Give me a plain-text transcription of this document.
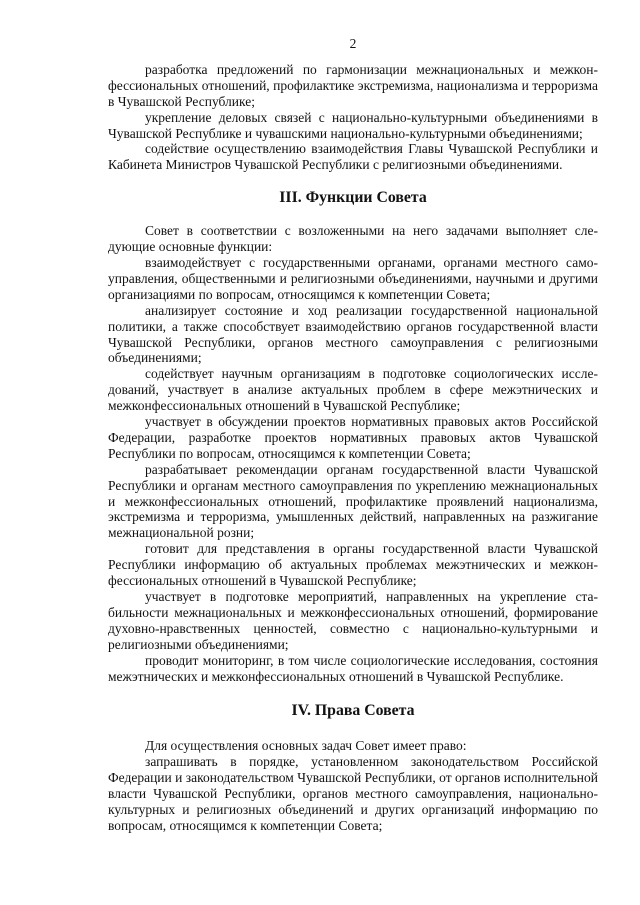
2

разработка предложений по гармонизации межнациональных и межконфессиональных отношений, профилактике экстремизма, национализма и терроризма в Чувашской Республике;

укрепление деловых связей с национально-культурными объединениями в Чувашской Республике и чувашскими национально-культурными объединениями;

содействие осуществлению взаимодействия Главы Чувашской Республики и Кабинета Министров Чувашской Республики с религиозными объединениями.

III. Функции Совета

Совет в соответствии с возложенными на него задачами выполняет следующие основные функции:

взаимодействует с государственными органами, органами местного самоуправления, общественными и религиозными объединениями, научными и другими организациями по вопросам, относящимся к компетенции Совета;

анализирует состояние и ход реализации государственной национальной политики, а также способствует взаимодействию органов государственной власти Чувашской Республики, органов местного самоуправления с религиозными объединениями;

содействует научным организациям в подготовке социологических исследований, участвует в анализе актуальных проблем в сфере межэтнических и межконфессиональных отношений в Чувашской Республике;

участвует в обсуждении проектов нормативных правовых актов Российской Федерации, разработке проектов нормативных правовых актов Чувашской Республики по вопросам, относящимся к компетенции Совета;

разрабатывает рекомендации органам государственной власти Чувашской Республики и органам местного самоуправления по укреплению межнациональных и межконфессиональных отношений, профилактике проявлений национализма, экстремизма и терроризма, умышленных действий, направленных на разжигание межнациональной розни;

готовит для представления в органы государственной власти Чувашской Республики информацию об актуальных проблемах межэтнических и межконфессиональных отношений в Чувашской Республике;

участвует в подготовке мероприятий, направленных на укрепление стабильности межнациональных и межконфессиональных отношений, формирование духовно-нравственных ценностей, совместно с национально-культурными и религиозными объединениями;

проводит мониторинг, в том числе социологические исследования, состояния межэтнических и межконфессиональных отношений в Чувашской Республике.

IV. Права Совета

Для осуществления основных задач Совет имеет право:

запрашивать в порядке, установленном законодательством Российской Федерации и законодательством Чувашской Республики, от органов исполнительной власти Чувашской Республики, органов местного самоуправления, национально-культурных и религиозных объединений и других организаций информацию по вопросам, относящимся к компетенции Совета;
